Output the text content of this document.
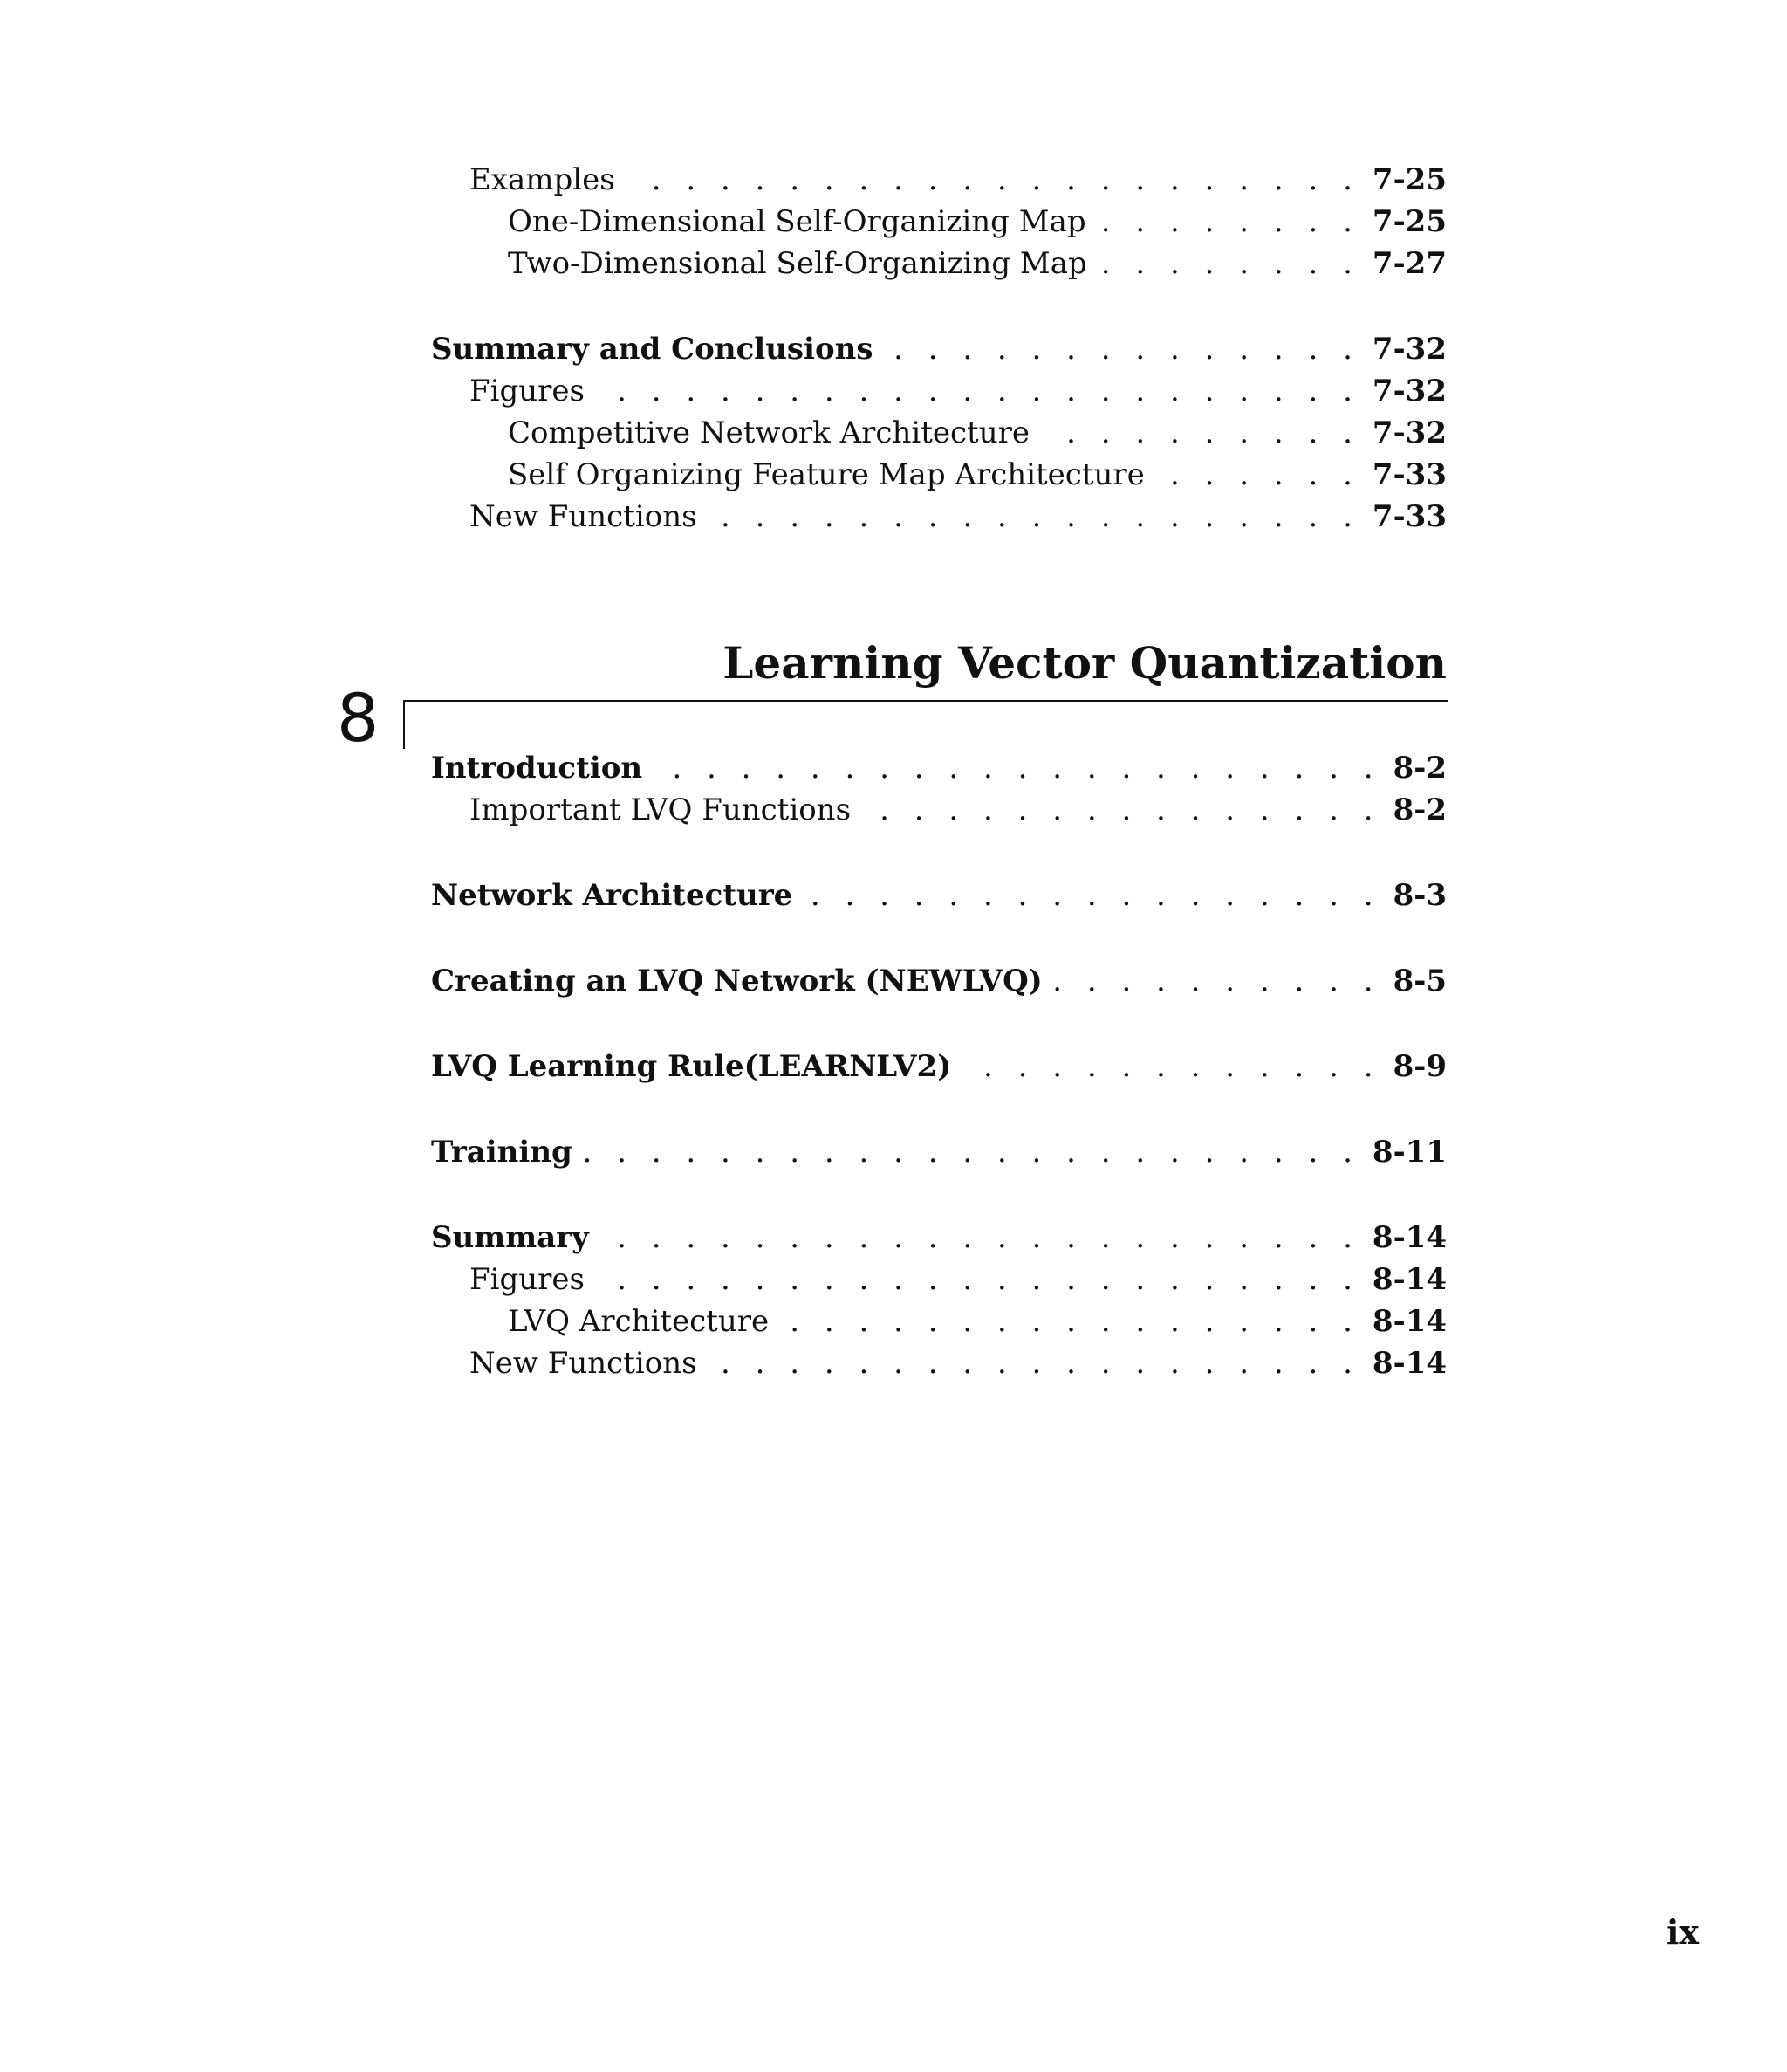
Examples . . .	7-25
One-Dimensional Self-Organizing Map . . .	7-25
Two-Dimensional Self-Organizing Map . . .	7-27
Summary and Conclusions . . .	7-32
Figures . . .	7-32
Competitive Network Architecture . . .	7-32
Self Organizing Feature Map Architecture . . .	7-33
New Functions . . .	7-33
Learning Vector Quantization
8
Introduction . . .	8-2
Important LVQ Functions . . .	8-2
Network Architecture . . .	8-3
Creating an LVQ Network (NEWLVQ) . . .	8-5
LVQ Learning Rule(LEARNLV2) . . .	8-9
Training . . .	8-11
Summary . . .	8-14
Figures . . .	8-14
LVQ Architecture . . .	8-14
New Functions . . .	8-14
ix
